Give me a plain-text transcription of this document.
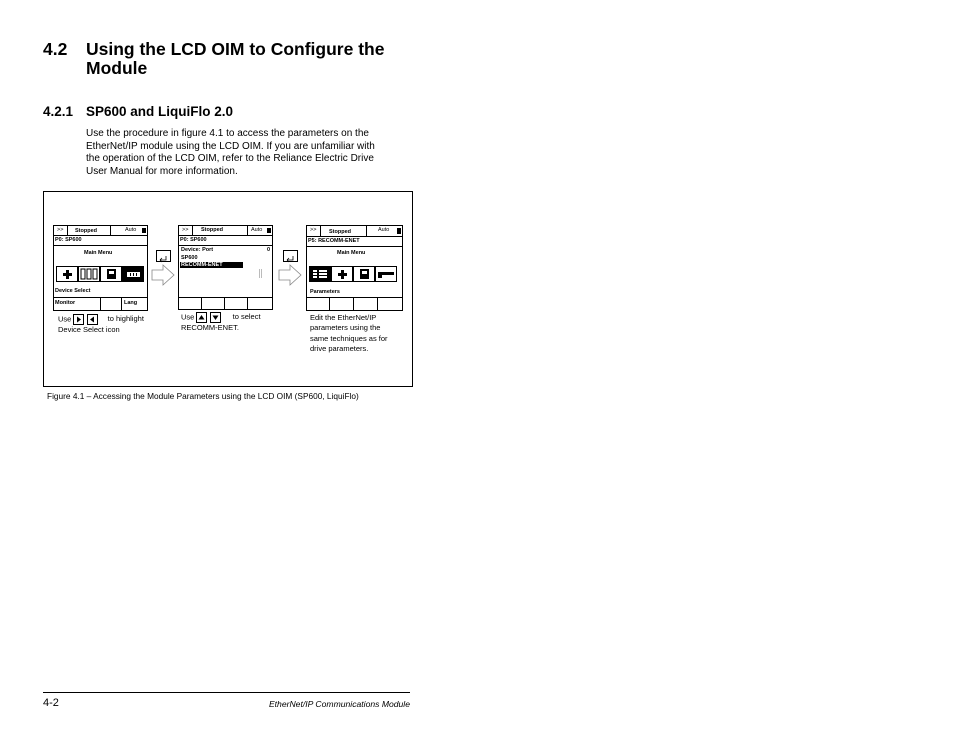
4.2 Using the LCD OIM to Configure the Module
4.2.1 SP600 and LiquiFlo 2.0
Use the procedure in figure 4.1 to access the parameters on the
EtherNet/IP module using the LCD OIM. If you are unfamiliar with
the operation of the LCD OIM, refer to the Reliance Electric Drive
User Manual for more information.
>> Stopped	Auto
P0: SP600
Main Menu
Device Select
Monitor	Lang
>> Stopped	Auto
P0: SP600
Device: Port	0
SP600
RECOMM-ENET
>> Stopped	Auto
P5: RECOMM-ENET
Main Menu
Parameters
Use
	to highlight
Device Select icon
Use
	to select
RECOMM-ENET.
Edit the EtherNet/IP
parameters using the
same techniques as for
drive parameters.
Figure 4.1 – Accessing the Module Parameters using the LCD OIM (SP600, LiquiFlo)
4-2	EtherNet/IP Communications Module
